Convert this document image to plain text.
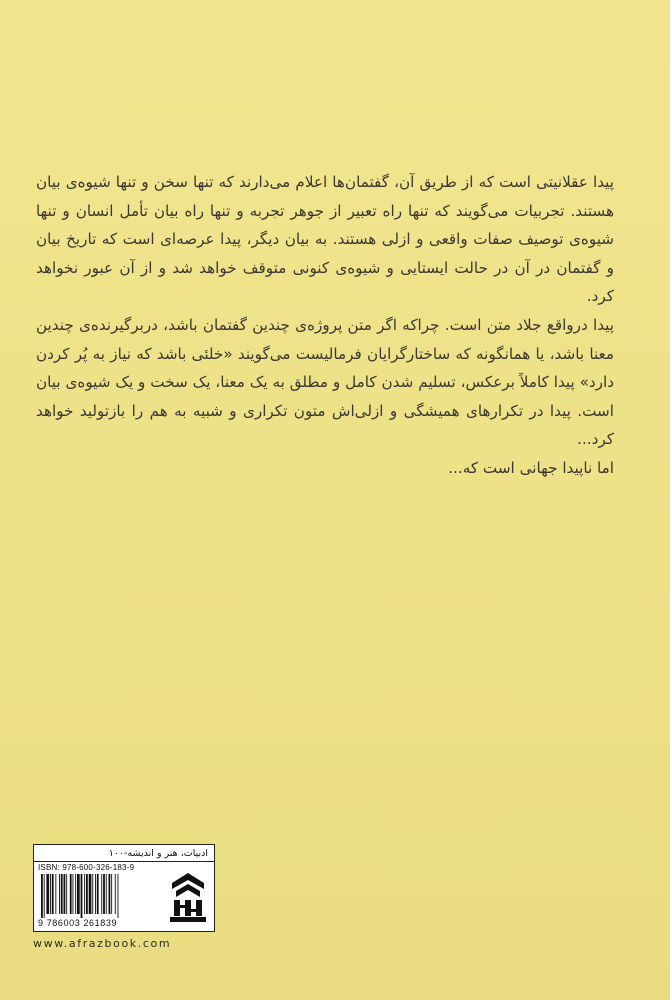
پیدا عقلانیتی است که از طریق آن، گفتمان‌ها اعلام می‌دارند که تنها سخن و تنها شیوه‌ی بیان هستند. تجربیات می‌گویند که تنها راه تعبیر از جوهر تجربه و تنها راه بیان تأمل انسان و تنها شیوه‌ی توصیف صفات واقعی و ازلی هستند. به بیان دیگر، پیدا عرصه‌ای است که تاریخ بیان و گفتمان در آن در حالت ایستایی و شیوه‌ی کنونی متوقف خواهد شد و از آن عبور نخواهد کرد.

پیدا درواقع جلاد متن است. چراکه اگر متن پروژه‌ی چندین گفتمان باشد، دربرگیرنده‌ی چندین معنا باشد، یا همانگونه که ساختارگرایان فرمالیست می‌گویند «خلئی باشد که نیاز به پُر کردن دارد» پیدا کاملاً برعکس، تسلیم شدن کامل و مطلق به یک معنا، یک سخت و یک شیوه‌ی بیان است. پیدا در تکرارهای همیشگی و ازلی‌اش متون تکراری و شبیه به هم را بازتولید خواهد کرد...

اما ناپیدا جهانی است که...

ادبیات، هنر و اندیشه-۱۰۰
ISBN: 978-600-326-183-9
9 786003 261839
www.afrazbook.com
